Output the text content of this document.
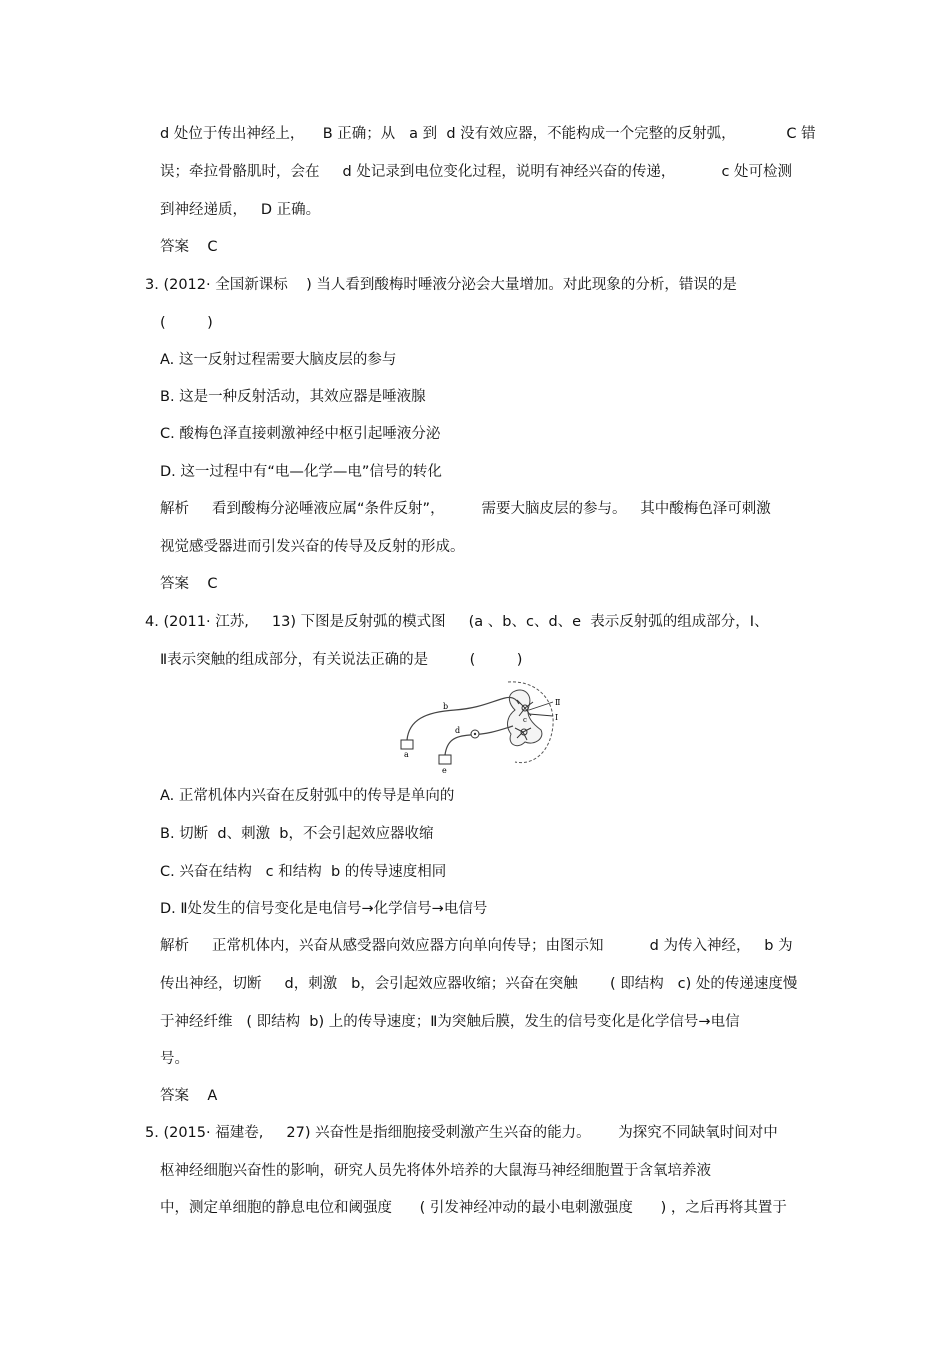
d 处位于传出神经上，    B 正确；从   a 到  d 没有效应器，不能构成一个完整的反射弧，           C 错
误；牵拉骨骼肌时，会在     d 处记录到电位变化过程，说明有神经兴奋的传递，          c 处可检测
到神经递质，   D 正确。
答案    C
3. (2012· 全国新课标    ) 当人看到酸梅时唾液分泌会大量增加。对此现象的分析，错误的是
(         )
A. 这一反射过程需要大脑皮层的参与
B. 这是一种反射活动，其效应器是唾液腺
C. 酸梅色泽直接刺激神经中枢引起唾液分泌
D. 这一过程中有“电—化学—电”信号的转化
解析     看到酸梅分泌唾液应属“条件反射”，        需要大脑皮层的参与。   其中酸梅色泽可刺激
视觉感受器进而引发兴奋的传导及反射的形成。
答案    C
4. (2011· 江苏,     13) 下图是反射弧的模式图     (a 、b、c、d、e  表示反射弧的组成部分，Ⅰ、
Ⅱ表示突触的组成部分，有关说法正确的是         (         )
a
e
b
d
c
Ⅱ
Ⅰ
A. 正常机体内兴奋在反射弧中的传导是单向的
B. 切断  d、刺激  b，不会引起效应器收缩
C. 兴奋在结构   c 和结构  b 的传导速度相同
D. Ⅱ处发生的信号变化是电信号→化学信号→电信号
解析     正常机体内，兴奋从感受器向效应器方向单向传导；由图示知          d 为传入神经，   b 为
传出神经，切断     d，刺激   b，会引起效应器收缩；兴奋在突触       ( 即结构   c) 处的传递速度慢
于神经纤维   ( 即结构  b) 上的传导速度；Ⅱ为突触后膜，发生的信号变化是化学信号→电信
号。
答案    A
5. (2015· 福建卷,     27) 兴奋性是指细胞接受刺激产生兴奋的能力。      为探究不同缺氧时间对中
枢神经细胞兴奋性的影响，研究人员先将体外培养的大鼠海马神经细胞置于含氧培养液
中，测定单细胞的静息电位和阈强度      ( 引发神经冲动的最小电刺激强度      ) ，之后再将其置于
